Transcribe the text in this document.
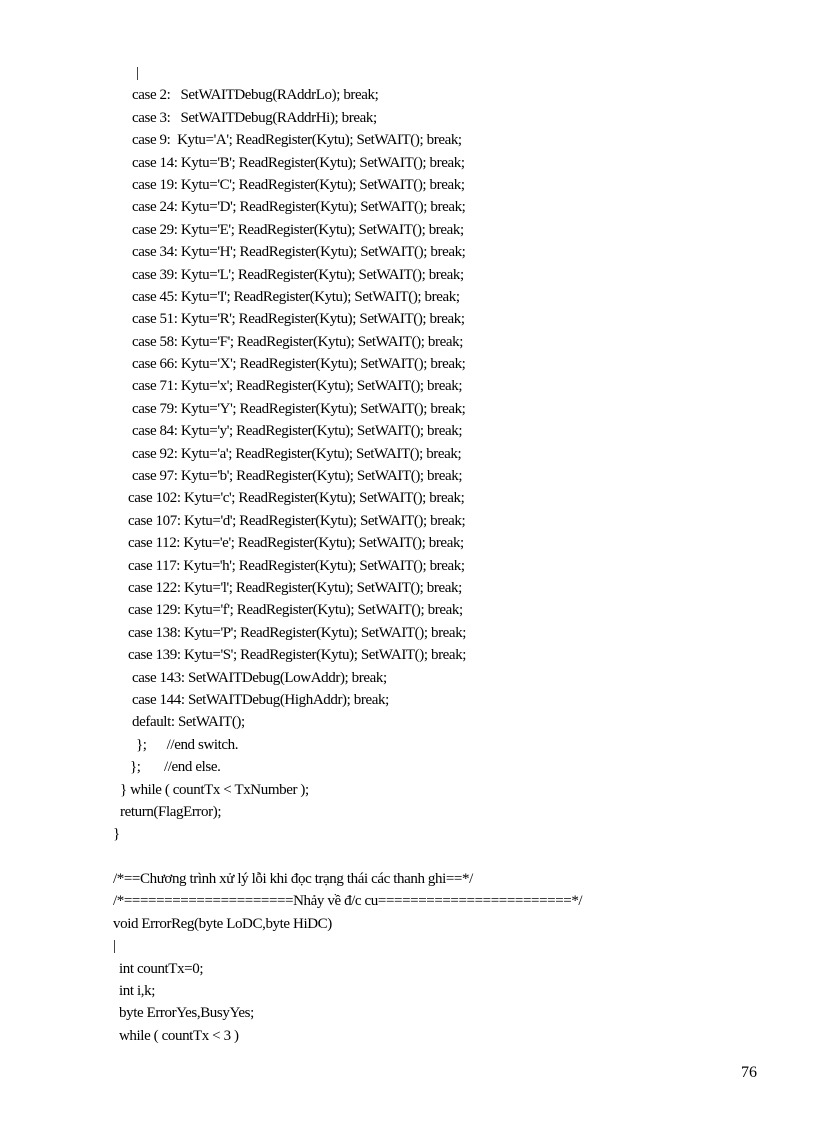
|
case 2:   SetWAITDebug(RAddrLo); break;
case 3:   SetWAITDebug(RAddrHi); break;
case 9:  Kytu='A'; ReadRegister(Kytu); SetWAIT(); break;
case 14: Kytu='B'; ReadRegister(Kytu); SetWAIT(); break;
case 19: Kytu='C'; ReadRegister(Kytu); SetWAIT(); break;
case 24: Kytu='D'; ReadRegister(Kytu); SetWAIT(); break;
case 29: Kytu='E'; ReadRegister(Kytu); SetWAIT(); break;
case 34: Kytu='H'; ReadRegister(Kytu); SetWAIT(); break;
case 39: Kytu='L'; ReadRegister(Kytu); SetWAIT(); break;
case 45: Kytu='I'; ReadRegister(Kytu); SetWAIT(); break;
case 51: Kytu='R'; ReadRegister(Kytu); SetWAIT(); break;
case 58: Kytu='F'; ReadRegister(Kytu); SetWAIT(); break;
case 66: Kytu='X'; ReadRegister(Kytu); SetWAIT(); break;
case 71: Kytu='x'; ReadRegister(Kytu); SetWAIT(); break;
case 79: Kytu='Y'; ReadRegister(Kytu); SetWAIT(); break;
case 84: Kytu='y'; ReadRegister(Kytu); SetWAIT(); break;
case 92: Kytu='a'; ReadRegister(Kytu); SetWAIT(); break;
case 97: Kytu='b'; ReadRegister(Kytu); SetWAIT(); break;
case 102: Kytu='c'; ReadRegister(Kytu); SetWAIT(); break;
case 107: Kytu='d'; ReadRegister(Kytu); SetWAIT(); break;
case 112: Kytu='e'; ReadRegister(Kytu); SetWAIT(); break;
case 117: Kytu='h'; ReadRegister(Kytu); SetWAIT(); break;
case 122: Kytu='l'; ReadRegister(Kytu); SetWAIT(); break;
case 129: Kytu='f'; ReadRegister(Kytu); SetWAIT(); break;
case 138: Kytu='P'; ReadRegister(Kytu); SetWAIT(); break;
case 139: Kytu='S'; ReadRegister(Kytu); SetWAIT(); break;
case 143: SetWAITDebug(LowAddr); break;
case 144: SetWAITDebug(HighAddr); break;
default: SetWAIT();
};      //end switch.
};       //end else.
} while ( countTx < TxNumber );
return(FlagError);
}
/*==Chương trình xử lý lỗi khi đọc trạng thái các thanh ghi==*/
/*=====================Nhảy về đ/c cu========================*/
void ErrorReg(byte LoDC,byte HiDC)
|
int countTx=0;
int i,k;
byte ErrorYes,BusyYes;
while ( countTx < 3 )
76
